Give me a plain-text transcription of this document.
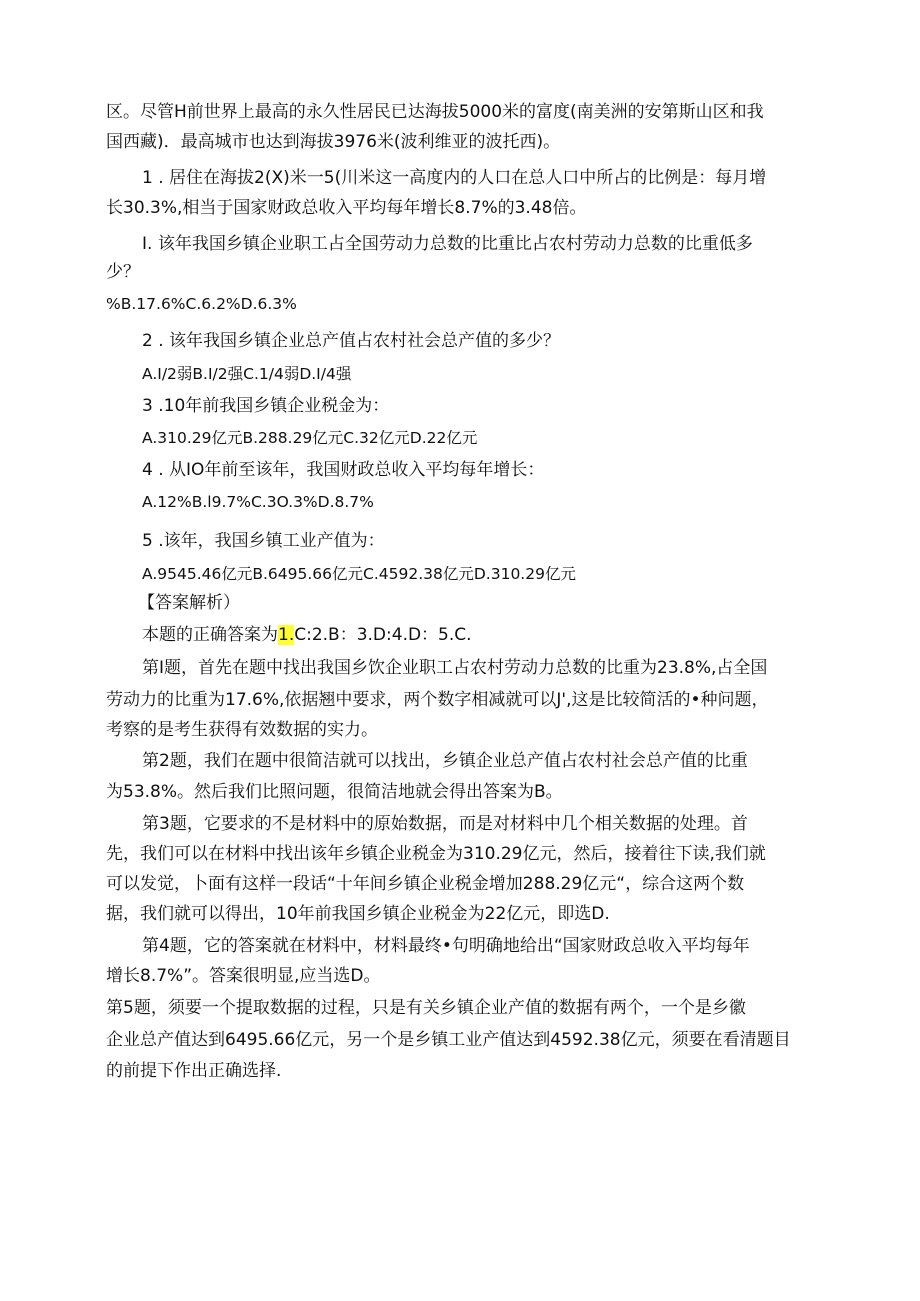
区。尽管H前世界上最高的永久性居民已达海拔5000米的富度(南美洲的安第斯山区和我

国西藏)．最高城市也达到海拔3976米(波利维亚的波托西)。

1 . 居住在海拔2(X)米一5(川米这一高度内的人口在总人口中所占的比例是：每月增

长30.3%,相当于国家财政总收入平均每年增长8.7%的3.48倍。

I. 该年我国乡镇企业职工占全国劳动力总数的比重比占农村劳动力总数的比重低多

少？

%B.17.6%C.6.2%D.6.3%

2 . 该年我国乡镇企业总产值占农村社会总产值的多少？

A.I/2弱B.I/2强C.1/4弱D.I/4强

3 .10年前我国乡镇企业税金为：

A.310.29亿元B.288.29亿元C.32亿元D.22亿元

4 . 从IO年前至该年，我国财政总收入平均每年增长：

A.12%B.l9.7%C.3O.3%D.8.7%

5 .该年，我国乡镇工业产值为：

A.9545.46亿元B.6495.66亿元C.4592.38亿元D.310.29亿元

【答案解析）

本题的正确答案为1.C:2.B：3.D:4.D：5.C.

第I题，首先在题中找出我国乡饮企业职工占农村劳动力总数的比重为23.8%,占全国

劳动力的比重为17.6%,依据翘中要求，两个数字相减就可以J',这是比较简活的•种问题，

考察的是考生获得有效数据的实力。

第2题，我们在题中很简洁就可以找出，乡镇企业总产值占农村社会总产值的比重

为53.8%。然后我们比照问题，很简洁地就会得出答案为B。

第3题，它要求的不是材料中的原始数据，而是对材料中几个相关数据的处理。首

先，我们可以在材料中找出该年乡镇企业税金为310.29亿元，然后，接着往下读,我们就

可以发觉，卜面有这样一段话“十年间乡镇企业税金增加288.29亿元“，综合这两个数

据，我们就可以得出，10年前我国乡镇企业税金为22亿元，即选D.

第4题，它的答案就在材料中，材料最终•句明确地给出“国家财政总收入平均每年

增长8.7%”。答案很明显,应当选D。

第5题，须要一个提取数据的过程，只是有关乡镇企业产值的数据有两个，一个是乡徽

企业总产值达到6495.66亿元，另一个是乡镇工业产值达到4592.38亿元，须要在看清题目

的前提下作出正确选择.
